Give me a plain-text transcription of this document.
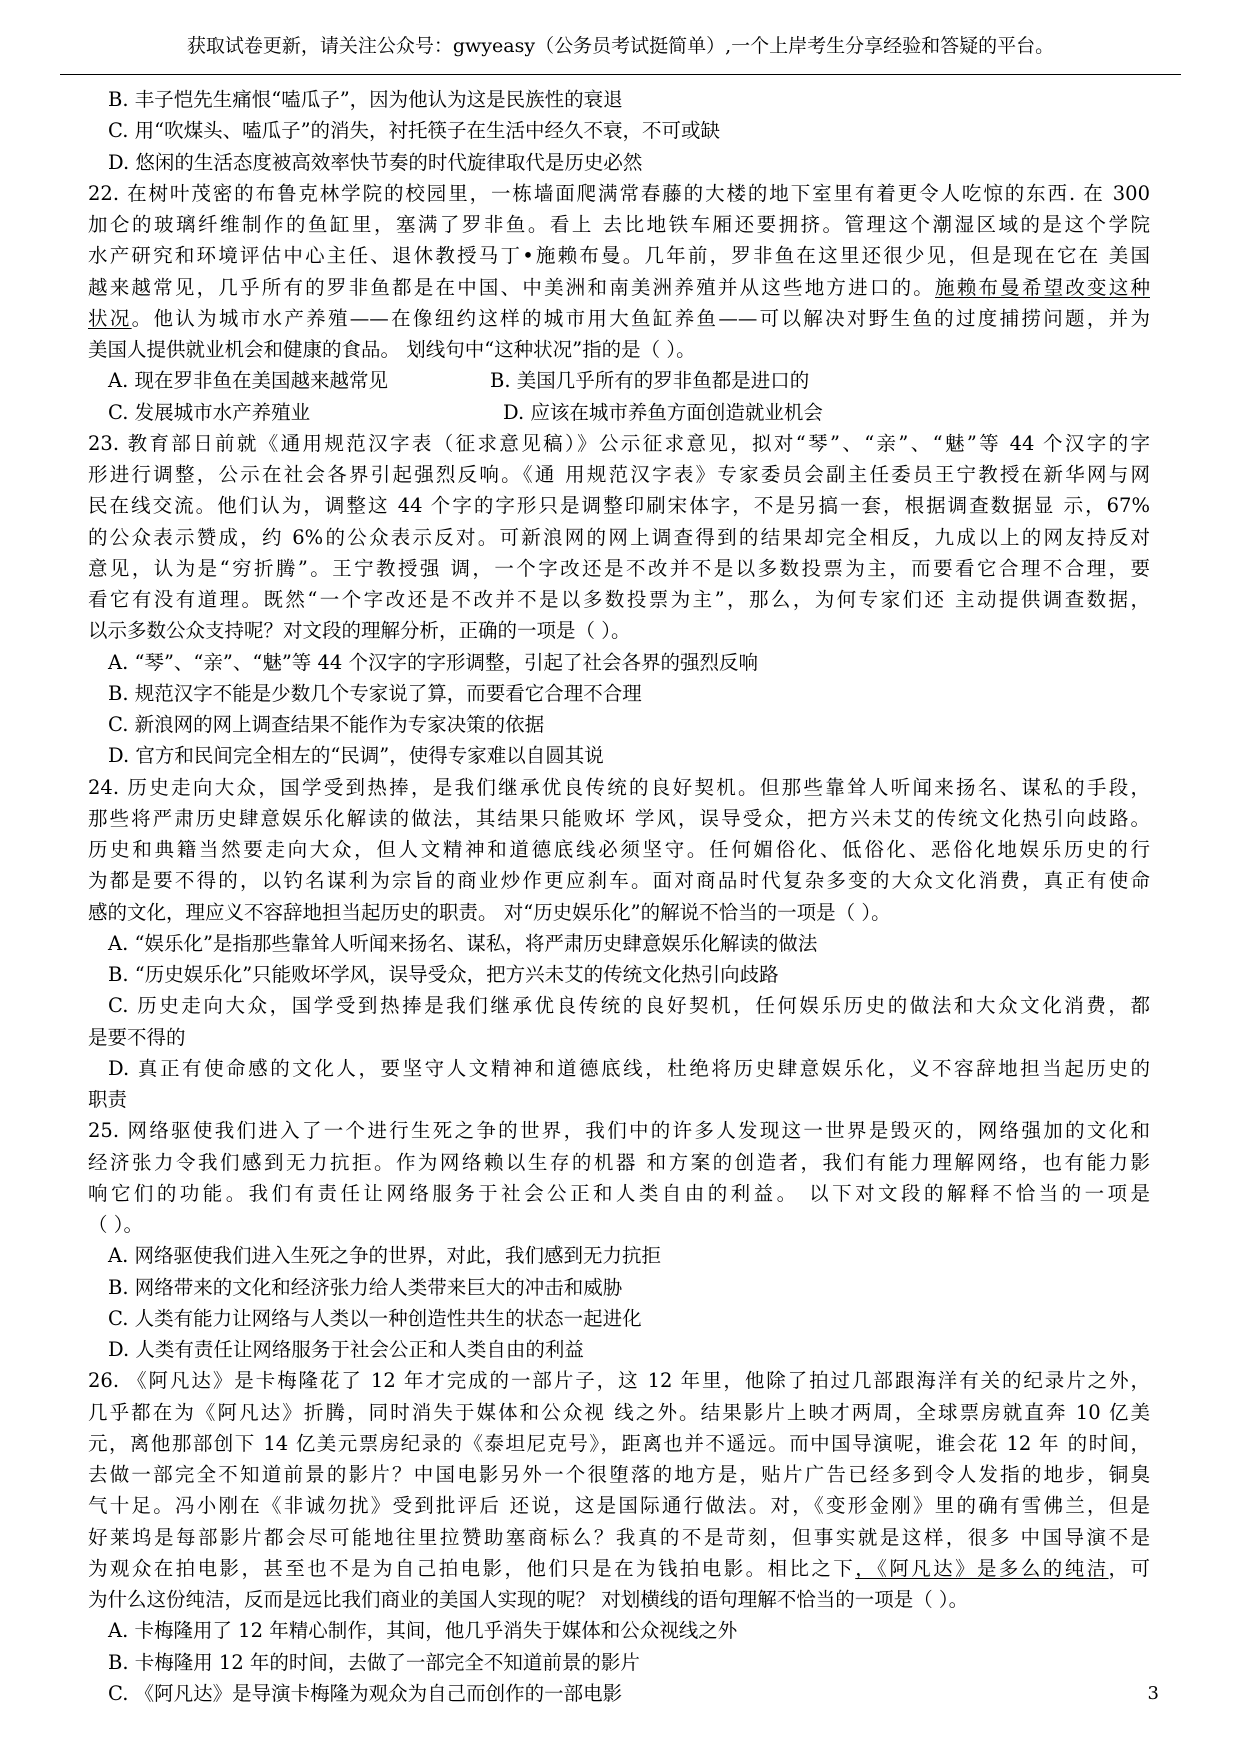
获取试卷更新，请关注公众号：gwyeasy（公务员考试挺简单）,一个上岸考生分享经验和答疑的平台。
B. 丰子恺先生痛恨“嗑瓜子”，因为他认为这是民族性的衰退
C. 用“吹煤头、嗑瓜子”的消失，衬托筷子在生活中经久不衰，不可或缺
D. 悠闲的生活态度被高效率快节奏的时代旋律取代是历史必然
22. 在树叶茂密的布鲁克林学院的校园里，一栋墙面爬满常春藤的大楼的地下室里有着更令人吃惊的东西. 在 300
加仑的玻璃纤维制作的鱼缸里，塞满了罗非鱼。看上 去比地铁车厢还要拥挤。管理这个潮湿区域的是这个学院
水产研究和环境评估中心主任、退休教授马丁•施赖布曼。几年前，罗非鱼在这里还很少见，但是现在它在 美国
越来越常见，几乎所有的罗非鱼都是在中国、中美洲和南美洲养殖并从这些地方进口的。施赖布曼希望改变这种
状况。他认为城市水产养殖——在像纽约这样的城市用大鱼缸养鱼——可以解决对野生鱼的过度捕捞问题，并为
美国人提供就业机会和健康的食品。 划线句中“这种状况”指的是（ ）。
A. 现在罗非鱼在美国越来越常见	B. 美国几乎所有的罗非鱼都是进口的
C. 发展城市水产养殖业	D. 应该在城市养鱼方面创造就业机会
23. 教育部日前就《通用规范汉字表（征求意见稿）》公示征求意见，拟对“琴”、“亲”、“魅”等 44 个汉字的字
形进行调整，公示在社会各界引起强烈反响。《通 用规范汉字表》专家委员会副主任委员王宁教授在新华网与网
民在线交流。他们认为，调整这 44 个字的字形只是调整印刷宋体字，不是另搞一套，根据调查数据显 示，67%
的公众表示赞成，约 6%的公众表示反对。可新浪网的网上调查得到的结果却完全相反，九成以上的网友持反对
意见，认为是“穷折腾”。王宁教授强 调，一个字改还是不改并不是以多数投票为主，而要看它合理不合理，要
看它有没有道理。既然“一个字改还是不改并不是以多数投票为主”，那么，为何专家们还 主动提供调查数据，
以示多数公众支持呢？对文段的理解分析，正确的一项是（ ）。
A. “琴”、“亲”、“魅”等 44 个汉字的字形调整，引起了社会各界的强烈反响
B. 规范汉字不能是少数几个专家说了算，而要看它合理不合理
C. 新浪网的网上调查结果不能作为专家决策的依据
D. 官方和民间完全相左的“民调”，使得专家难以自圆其说
24. 历史走向大众，国学受到热捧，是我们继承优良传统的良好契机。但那些靠耸人听闻来扬名、谋私的手段，
那些将严肃历史肆意娱乐化解读的做法，其结果只能败坏 学风，误导受众，把方兴未艾的传统文化热引向歧路。
历史和典籍当然要走向大众，但人文精神和道德底线必须坚守。任何媚俗化、低俗化、恶俗化地娱乐历史的行
为都是要不得的，以钓名谋利为宗旨的商业炒作更应刹车。面对商品时代复杂多变的大众文化消费，真正有使命
感的文化，理应义不容辞地担当起历史的职责。 对“历史娱乐化”的解说不恰当的一项是（ ）。
A. “娱乐化”是指那些靠耸人听闻来扬名、谋私，将严肃历史肆意娱乐化解读的做法
B. “历史娱乐化”只能败坏学风，误导受众，把方兴未艾的传统文化热引向歧路
C. 历史走向大众，国学受到热捧是我们继承优良传统的良好契机，任何娱乐历史的做法和大众文化消费，都
是要不得的
D. 真正有使命感的文化人，要坚守人文精神和道德底线，杜绝将历史肆意娱乐化，义不容辞地担当起历史的
职责
25. 网络驱使我们进入了一个进行生死之争的世界，我们中的许多人发现这一世界是毁灭的，网络强加的文化和
经济张力令我们感到无力抗拒。作为网络赖以生存的机器 和方案的创造者，我们有能力理解网络，也有能力影
响它们的功能。我们有责任让网络服务于社会公正和人类自由的利益。 以下对文段的解释不恰当的一项是
（ ）。
A. 网络驱使我们进入生死之争的世界，对此，我们感到无力抗拒
B. 网络带来的文化和经济张力给人类带来巨大的冲击和威胁
C. 人类有能力让网络与人类以一种创造性共生的状态一起进化
D. 人类有责任让网络服务于社会公正和人类自由的利益
26. 《阿凡达》是卡梅隆花了 12 年才完成的一部片子，这 12 年里，他除了拍过几部跟海洋有关的纪录片之外，
几乎都在为《阿凡达》折腾，同时消失于媒体和公众视 线之外。结果影片上映才两周，全球票房就直奔 10 亿美
元，离他那部创下 14 亿美元票房纪录的《泰坦尼克号》，距离也并不遥远。而中国导演呢，谁会花 12 年 的时间，
去做一部完全不知道前景的影片？中国电影另外一个很堕落的地方是，贴片广告已经多到令人发指的地步，铜臭
气十足。冯小刚在《非诚勿扰》受到批评后 还说，这是国际通行做法。对，《变形金刚》里的确有雪佛兰，但是
好莱坞是每部影片都会尽可能地往里拉赞助塞商标么？我真的不是苛刻，但事实就是这样，很多 中国导演不是
为观众在拍电影，甚至也不是为自己拍电影，他们只是在为钱拍电影。相比之下，《阿凡达》是多么的纯洁，可
为什么这份纯洁，反而是远比我们商业的美国人实现的呢？ 对划横线的语句理解不恰当的一项是（ ）。
A. 卡梅隆用了 12 年精心制作，其间，他几乎消失于媒体和公众视线之外
B. 卡梅隆用 12 年的时间，去做了一部完全不知道前景的影片
C. 《阿凡达》是导演卡梅隆为观众为自己而创作的一部电影	3
